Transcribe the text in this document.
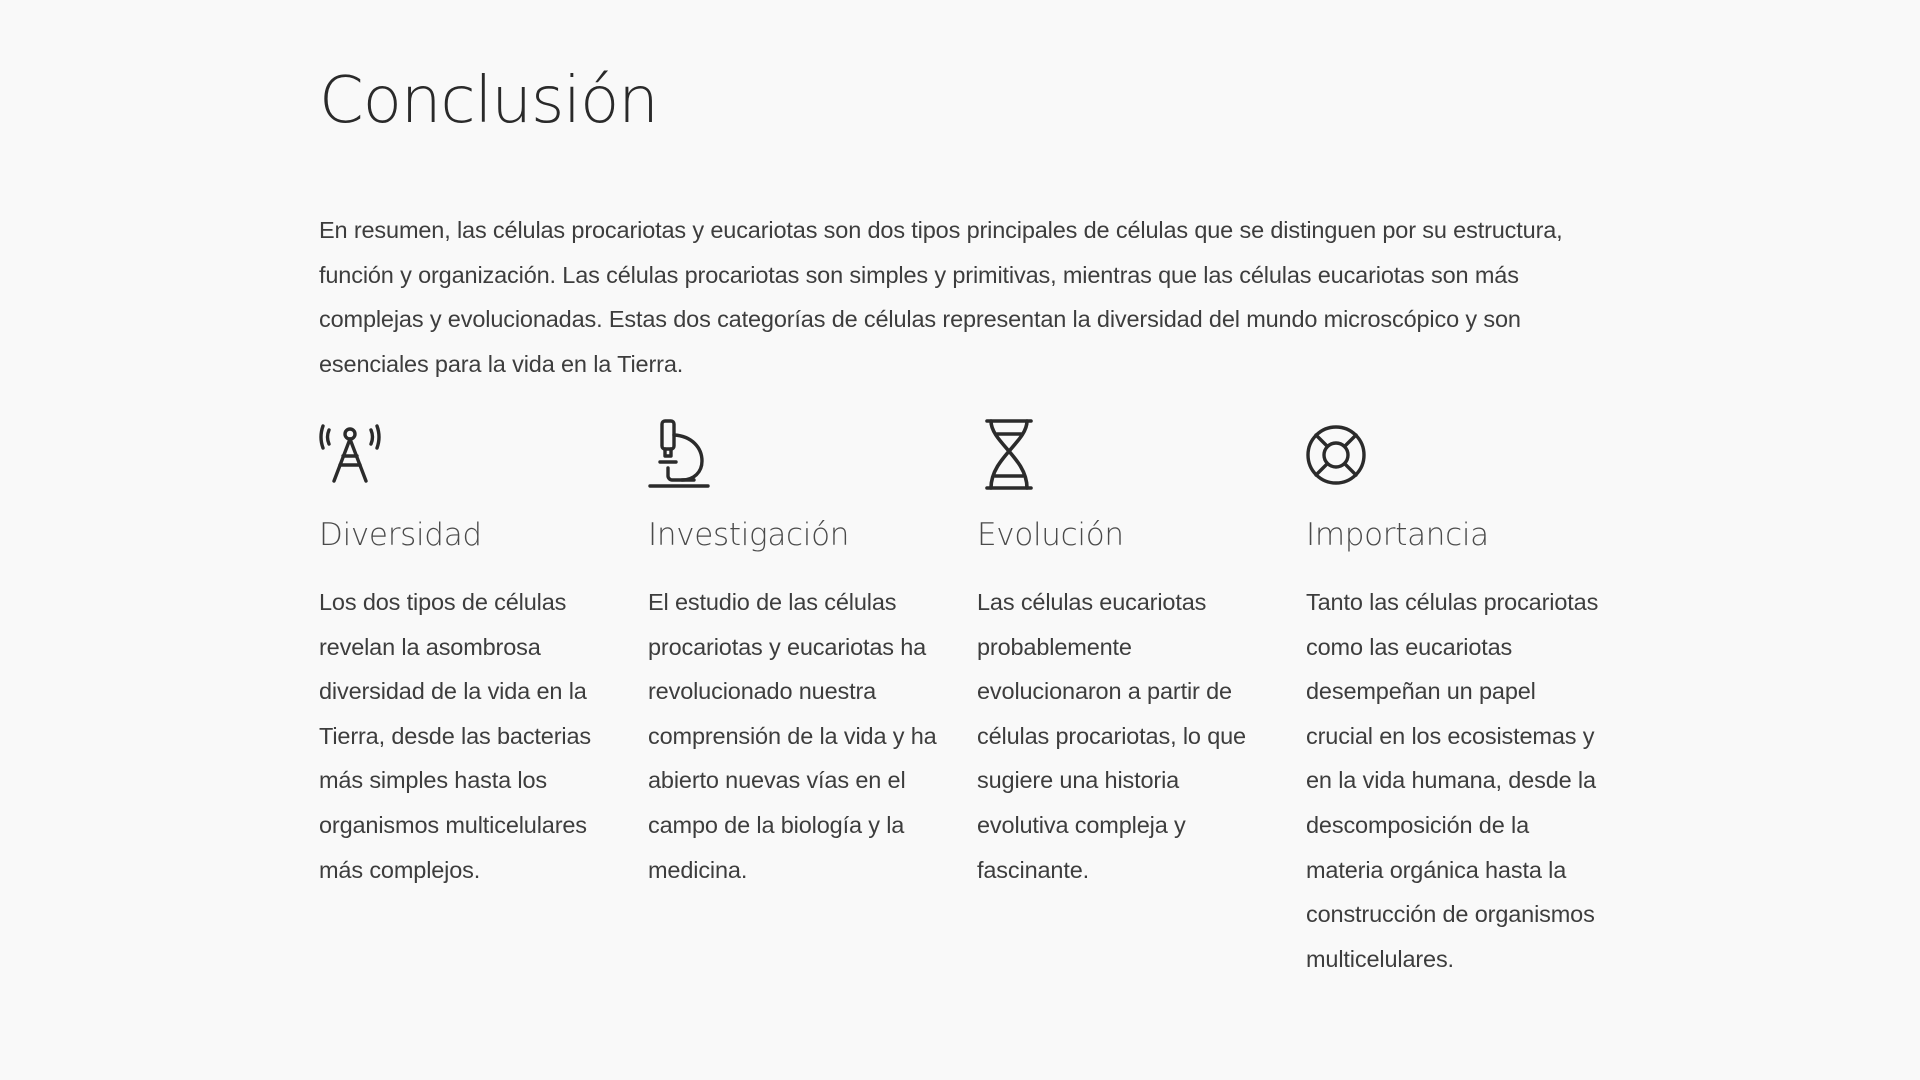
Conclusión

En resumen, las células procariotas y eucariotas son dos tipos principales de células que se distinguen por su estructura, función y organización. Las células procariotas son simples y primitivas, mientras que las células eucariotas son más complejas y evolucionadas. Estas dos categorías de células representan la diversidad del mundo microscópico y son esenciales para la vida en la Tierra.

Diversidad

Los dos tipos de células revelan la asombrosa diversidad de la vida en la Tierra, desde las bacterias más simples hasta los organismos multicelulares más complejos.

Investigación

El estudio de las células procariotas y eucariotas ha revolucionado nuestra comprensión de la vida y ha abierto nuevas vías en el campo de la biología y la medicina.

Evolución

Las células eucariotas probablemente evolucionaron a partir de células procariotas, lo que sugiere una historia evolutiva compleja y fascinante.

Importancia

Tanto las células procariotas como las eucariotas desempeñan un papel crucial en los ecosistemas y en la vida humana, desde la descomposición de la materia orgánica hasta la construcción de organismos multicelulares.
